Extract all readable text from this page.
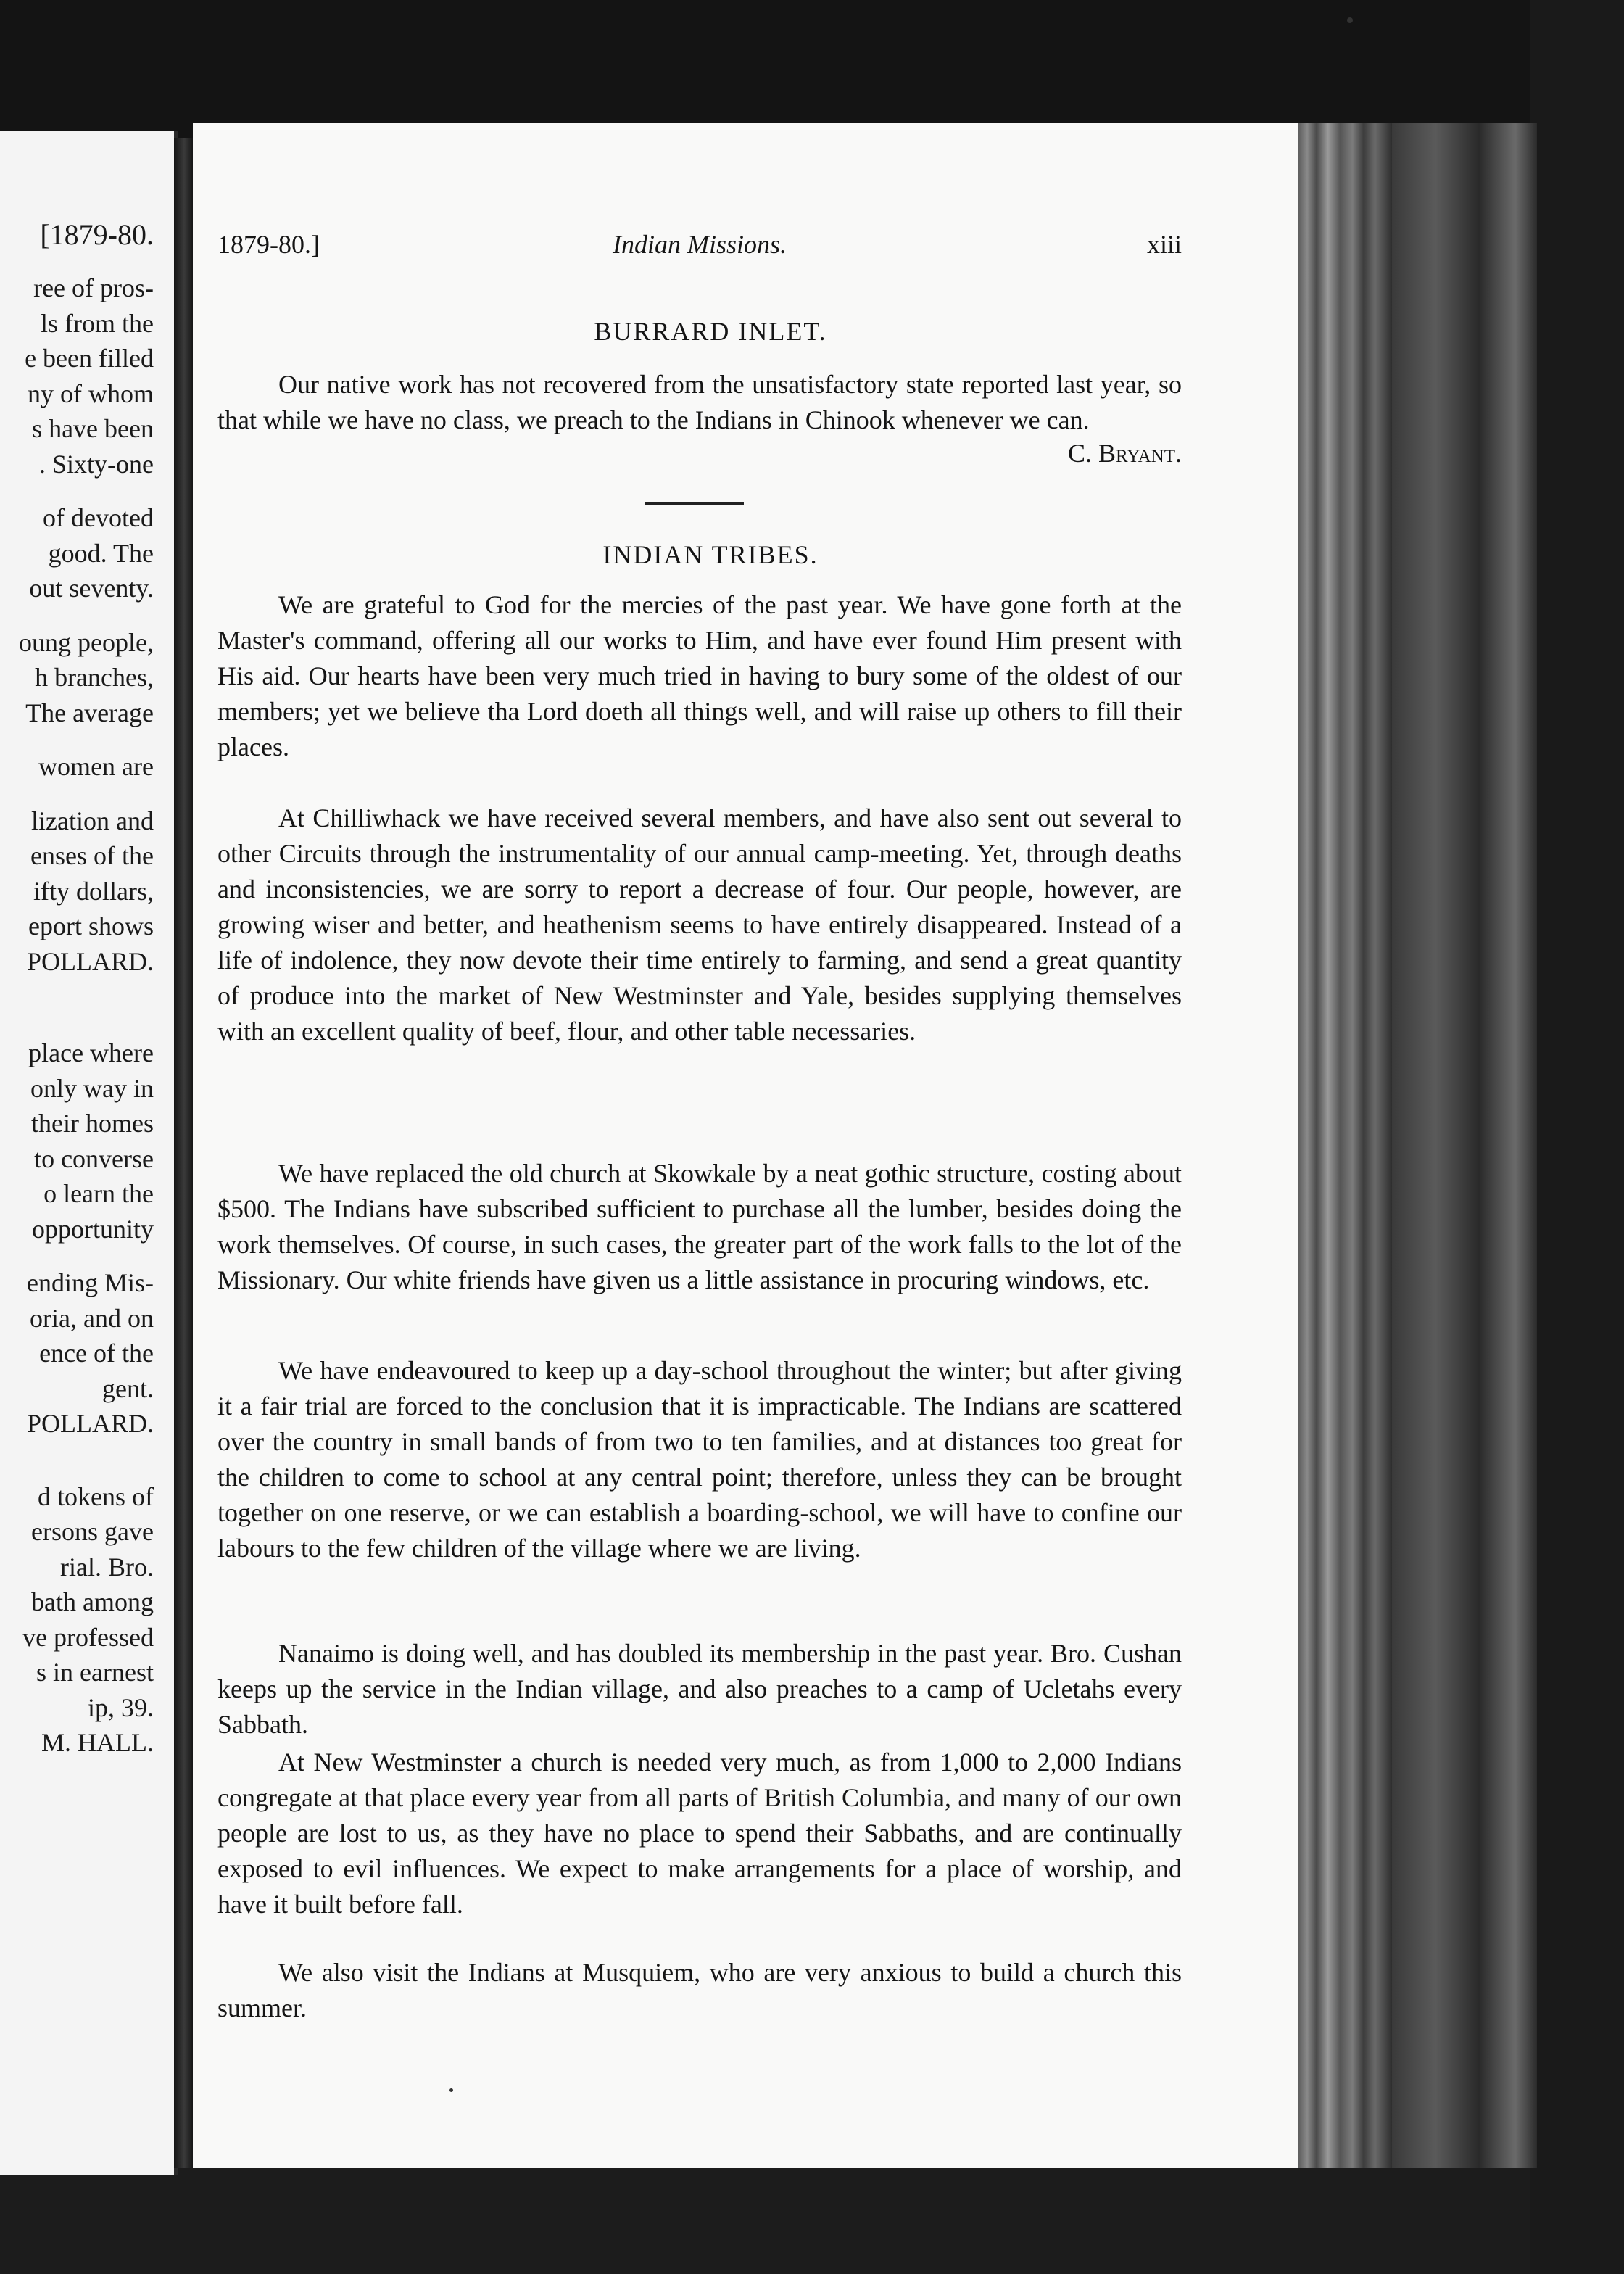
[1879-80.
ree of pros-
ls from the
e been filled
ny of whom
s have been
. Sixty-one
of devoted
good. The
out seventy.
oung people,
h branches,
The average
women are
lization and
enses of the
ifty dollars,
eport shows
POLLARD.
place where
only way in
their homes
to converse
o learn the
opportunity
ending Mis-
oria, and on
ence of the
gent.
POLLARD.
d tokens of
ersons gave
rial. Bro.
bath among
ve professed
s in earnest
ip, 39.
M. HALL.
1879-80.]	Indian Missions.	xiii
BURRARD INLET.
Our native work has not recovered from the unsatisfactory state reported last year, so that while we have no class, we preach to the Indians in Chinook whenever we can.
C. Bryant.
INDIAN TRIBES.
We are grateful to God for the mercies of the past year. We have gone forth at the Master's command, offering all our works to Him, and have ever found Him present with His aid. Our hearts have been very much tried in having to bury some of the oldest of our members; yet we believe tha Lord doeth all things well, and will raise up others to fill their places.
At Chilliwhack we have received several members, and have also sent out several to other Circuits through the instrumentality of our annual camp-meeting. Yet, through deaths and inconsistencies, we are sorry to report a decrease of four. Our people, however, are growing wiser and better, and heathenism seems to have entirely disappeared. Instead of a life of indolence, they now devote their time entirely to farming, and send a great quantity of produce into the market of New Westminster and Yale, besides supplying themselves with an excellent quality of beef, flour, and other table necessaries.
We have replaced the old church at Skowkale by a neat gothic structure, costing about $500. The Indians have subscribed sufficient to purchase all the lumber, besides doing the work themselves. Of course, in such cases, the greater part of the work falls to the lot of the Missionary. Our white friends have given us a little assistance in procuring windows, etc.
We have endeavoured to keep up a day-school throughout the winter; but after giving it a fair trial are forced to the conclusion that it is impracticable. The Indians are scattered over the country in small bands of from two to ten families, and at distances too great for the children to come to school at any central point; therefore, unless they can be brought together on one reserve, or we can establish a boarding-school, we will have to confine our labours to the few children of the village where we are living.
Nanaimo is doing well, and has doubled its membership in the past year. Bro. Cushan keeps up the service in the Indian village, and also preaches to a camp of Ucletahs every Sabbath.
At New Westminster a church is needed very much, as from 1,000 to 2,000 Indians congregate at that place every year from all parts of British Columbia, and many of our own people are lost to us, as they have no place to spend their Sabbaths, and are continually exposed to evil influences. We expect to make arrangements for a place of worship, and have it built before fall.
We also visit the Indians at Musquiem, who are very anxious to build a church this summer.
